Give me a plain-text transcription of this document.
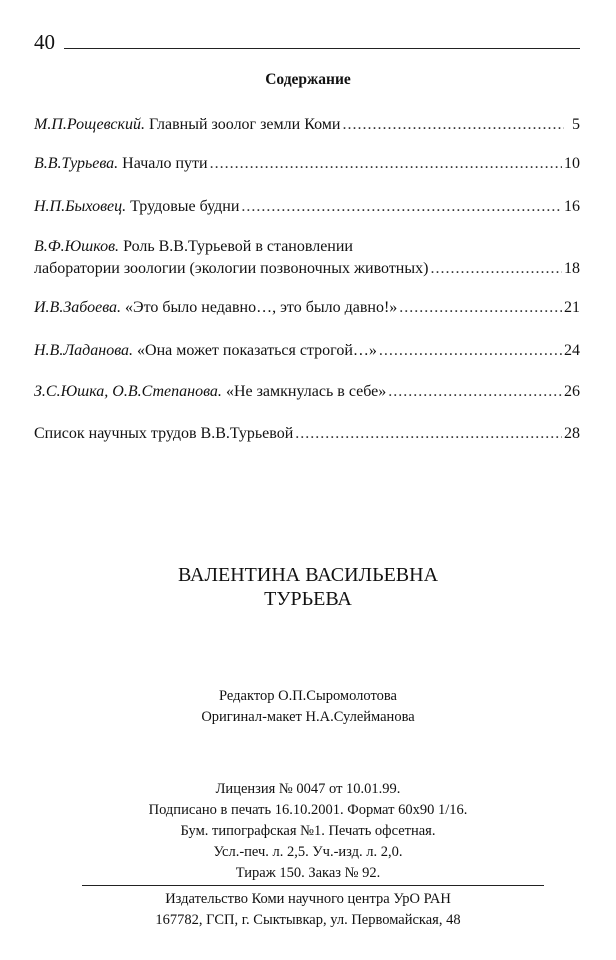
40
Содержание
М.П.Рощевский. Главный зоолог земли Коми .....	5
В.В.Турьева. Начало пути .....	10
Н.П.Быховец. Трудовые будни .....	16
В.Ф.Юшков. Роль В.В.Турьевой в становлении
лаборатории зоологии (экологии позвоночных животных) .....	18
И.В.Забоева. «Это было недавно…, это было давно!» .....	21
Н.В.Ладанова. «Она может показаться строгой…» .....	24
З.С.Юшка, О.В.Степанова. «Не замкнулась в себе» .....	26
Список научных трудов В.В.Турьевой .....	28
ВАЛЕНТИНА ВАСИЛЬЕВНА
ТУРЬЕВА
Редактор О.П.Сыромолотова
Оригинал-макет Н.А.Сулейманова
Лицензия № 0047 от 10.01.99.
Подписано в печать 16.10.2001. Формат 60х90 1/16.
Бум. типографская №1. Печать офсетная.
Усл.-печ. л. 2,5. Уч.-изд. л. 2,0.
Тираж 150. Заказ № 92.
Издательство Коми научного центра УрО РАН
167782, ГСП, г. Сыктывкар, ул. Первомайская, 48
